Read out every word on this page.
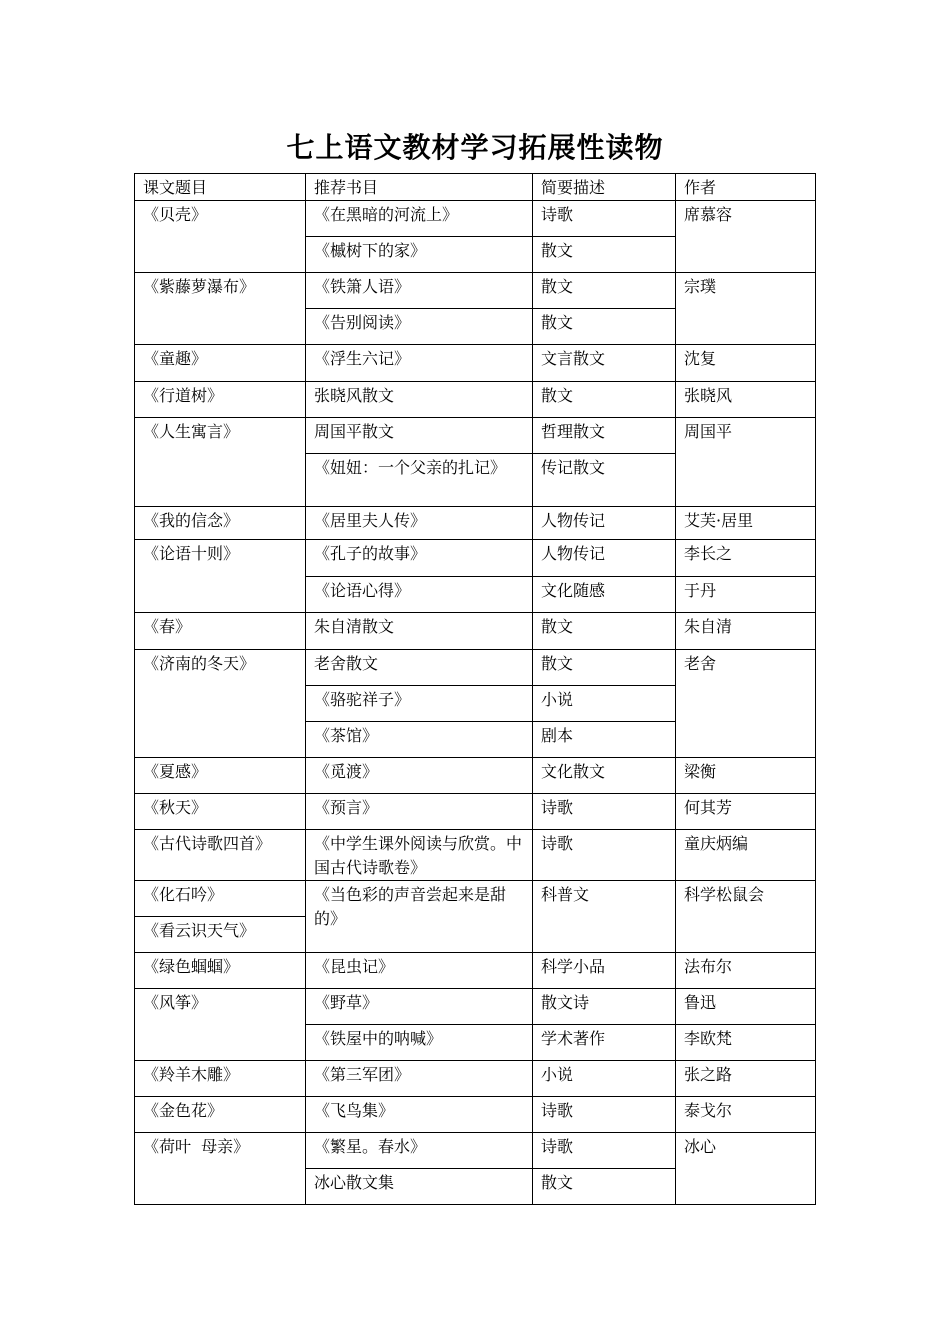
七上语文教材学习拓展性读物
课文题目	推荐书目	简要描述	作者
《贝壳》	《在黑暗的河流上》	诗歌	席慕容
	《槭树下的家》	散文	
《紫藤萝瀑布》	《铁箫人语》	散文	宗璞
	《告别阅读》	散文	
《童趣》	《浮生六记》	文言散文	沈复
《行道树》	张晓风散文	散文	张晓风
《人生寓言》	周国平散文	哲理散文	周国平
	《妞妞：一个父亲的扎记》	传记散文	
《我的信念》	《居里夫人传》	人物传记	艾芙·居里
《论语十则》	《孔子的故事》	人物传记	李长之
	《论语心得》	文化随感	于丹
《春》	朱自清散文	散文	朱自清
《济南的冬天》	老舍散文	散文	老舍
	《骆驼祥子》	小说	
	《茶馆》	剧本	
《夏感》	《觅渡》	文化散文	梁衡
《秋天》	《预言》	诗歌	何其芳
《古代诗歌四首》	《中学生课外阅读与欣赏。中国古代诗歌卷》	诗歌	童庆炳编
《化石吟》	《当色彩的声音尝起来是甜的》	科普文	科学松鼠会
《看云识天气》			
《绿色蝈蝈》	《昆虫记》	科学小品	法布尔
《风筝》	《野草》	散文诗	鲁迅
	《铁屋中的呐喊》	学术著作	李欧梵
《羚羊木雕》	《第三军团》	小说	张之路
《金色花》	《飞鸟集》	诗歌	泰戈尔
《荷叶  母亲》	《繁星。春水》	诗歌	冰心
	冰心散文集	散文	
